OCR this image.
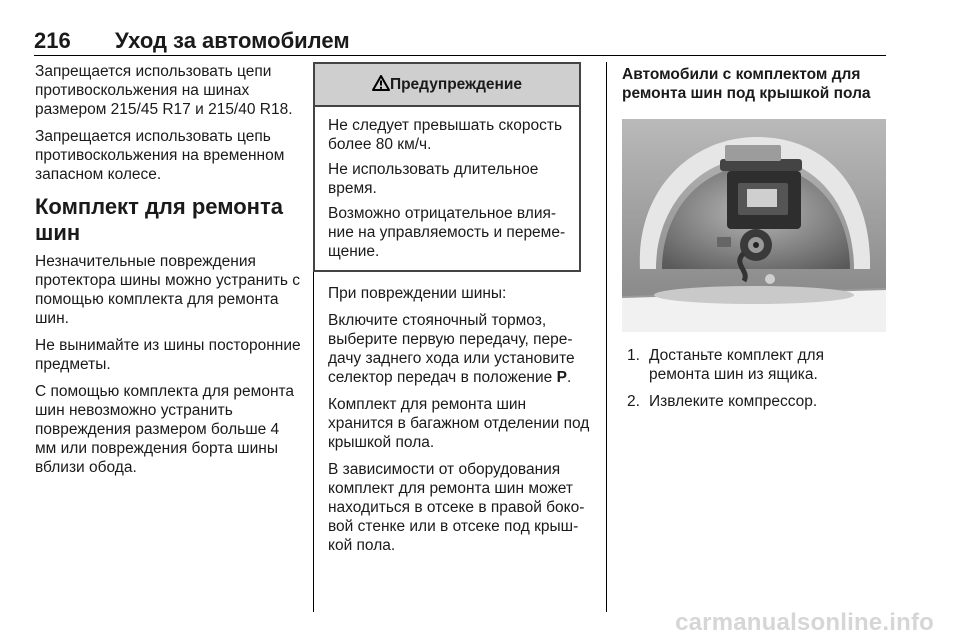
216 Уход за автомобилем

Запрещается использовать цепи противоскольжения на шинах размером 215/45 R17 и 215/40 R18.

Запрещается использовать цепь противоскольжения на временном запасном колесе.

Комплект для ремонта шин

Незначительные повреждения протектора шины можно устранить с помощью комплекта для ремонта шин.

Не вынимайте из шины посторонние предметы.

С помощью комплекта для ремонта шин невозможно устранить повреждения размером больше 4 мм или повреждения борта шины вблизи обода.

Предупреждение

Не следует превышать скорость более 80 км/ч.

Не использовать длительное время.

Возможно отрицательное влияние на управляемость и перемещение.

При повреждении шины:

Включите стояночный тормоз, выберите первую передачу, передачу заднего хода или установите селектор передач в положение P.

Комплект для ремонта шин хранится в багажном отделении под крышкой пола.

В зависимости от оборудования комплект для ремонта шин может находиться в отсеке в правой боковой стенке или в отсеке под крышкой пола.

Автомобили с комплектом для ремонта шин под крышкой пола
1. Достаньте комплект для ремонта шин из ящика.
2. Извлеките компрессор.
carmanualsonline.info
